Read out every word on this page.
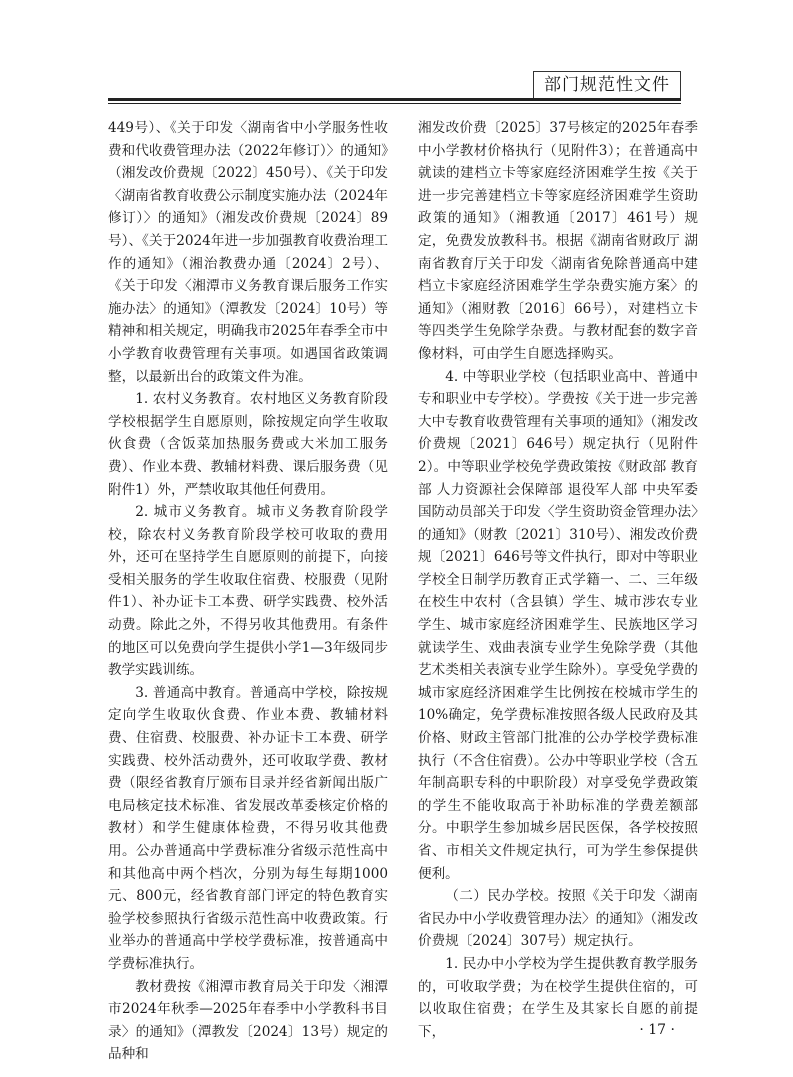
部门规范性文件

449号）、《关于印发〈湖南省中小学服务性收费和代收费管理办法（2022年修订）〉的通知》（湘发改价费规〔2022〕450号）、《关于印发〈湖南省教育收费公示制度实施办法（2024年修订）〉的通知》（湘发改价费规〔2024〕89号）、《关于2024年进一步加强教育收费治理工作的通知》（湘治教费办通〔2024〕2号）、《关于印发〈湘潭市义务教育课后服务工作实施办法〉的通知》（潭教发〔2024〕10号）等精神和相关规定，明确我市2025年春季全市中小学教育收费管理有关事项。如遇国省政策调整，以最新出台的政策文件为准。

1. 农村义务教育。农村地区义务教育阶段学校根据学生自愿原则，除按规定向学生收取伙食费（含饭菜加热服务费或大米加工服务费）、作业本费、教辅材料费、课后服务费（见附件1）外，严禁收取其他任何费用。

2. 城市义务教育。城市义务教育阶段学校，除农村义务教育阶段学校可收取的费用外，还可在坚持学生自愿原则的前提下，向接受相关服务的学生收取住宿费、校服费（见附件1）、补办证卡工本费、研学实践费、校外活动费。除此之外，不得另收其他费用。有条件的地区可以免费向学生提供小学1—3年级同步教学实践训练。

3. 普通高中教育。普通高中学校，除按规定向学生收取伙食费、作业本费、教辅材料费、住宿费、校服费、补办证卡工本费、研学实践费、校外活动费外，还可收取学费、教材费（限经省教育厅颁布目录并经省新闻出版广电局核定技术标准、省发展改革委核定价格的教材）和学生健康体检费，不得另收其他费用。公办普通高中学费标准分省级示范性高中和其他高中两个档次，分别为每生每期1000元、800元，经省教育部门评定的特色教育实验学校参照执行省级示范性高中收费政策。行业举办的普通高中学校学费标准，按普通高中学费标准执行。

教材费按《湘潭市教育局关于印发〈湘潭市2024年秋季—2025年春季中小学教科书目录〉的通知》（潭教发〔2024〕13号）规定的品种和

湘发改价费〔2025〕37号核定的2025年春季中小学教材价格执行（见附件3）；在普通高中就读的建档立卡等家庭经济困难学生按《关于进一步完善建档立卡等家庭经济困难学生资助政策的通知》（湘教通〔2017〕461号）规定，免费发放教科书。根据《湖南省财政厅 湖南省教育厅关于印发〈湖南省免除普通高中建档立卡家庭经济困难学生学杂费实施方案〉的通知》（湘财教〔2016〕66号），对建档立卡等四类学生免除学杂费。与教材配套的数字音像材料，可由学生自愿选择购买。

4. 中等职业学校（包括职业高中、普通中专和职业中专学校）。学费按《关于进一步完善大中专教育收费管理有关事项的通知》（湘发改价费规〔2021〕646号）规定执行（见附件2）。中等职业学校免学费政策按《财政部 教育部 人力资源社会保障部 退役军人部 中央军委国防动员部关于印发〈学生资助资金管理办法〉的通知》（财教〔2021〕310号）、湘发改价费规〔2021〕646号等文件执行，即对中等职业学校全日制学历教育正式学籍一、二、三年级在校生中农村（含县镇）学生、城市涉农专业学生、城市家庭经济困难学生、民族地区学习就读学生、戏曲表演专业学生免除学费（其他艺术类相关表演专业学生除外）。享受免学费的城市家庭经济困难学生比例按在校城市学生的10%确定，免学费标准按照各级人民政府及其价格、财政主管部门批准的公办学校学费标准执行（不含住宿费）。公办中等职业学校（含五年制高职专科的中职阶段）对享受免学费政策的学生不能收取高于补助标准的学费差额部分。中职学生参加城乡居民医保，各学校按照省、市相关文件规定执行，可为学生参保提供便利。

（二）民办学校。按照《关于印发〈湖南省民办中小学收费管理办法〉的通知》（湘发改价费规〔2024〕307号）规定执行。

1. 民办中小学校为学生提供教育教学服务的，可收取学费；为在校学生提供住宿的，可以收取住宿费；在学生及其家长自愿的前提下，	· 17 ·
